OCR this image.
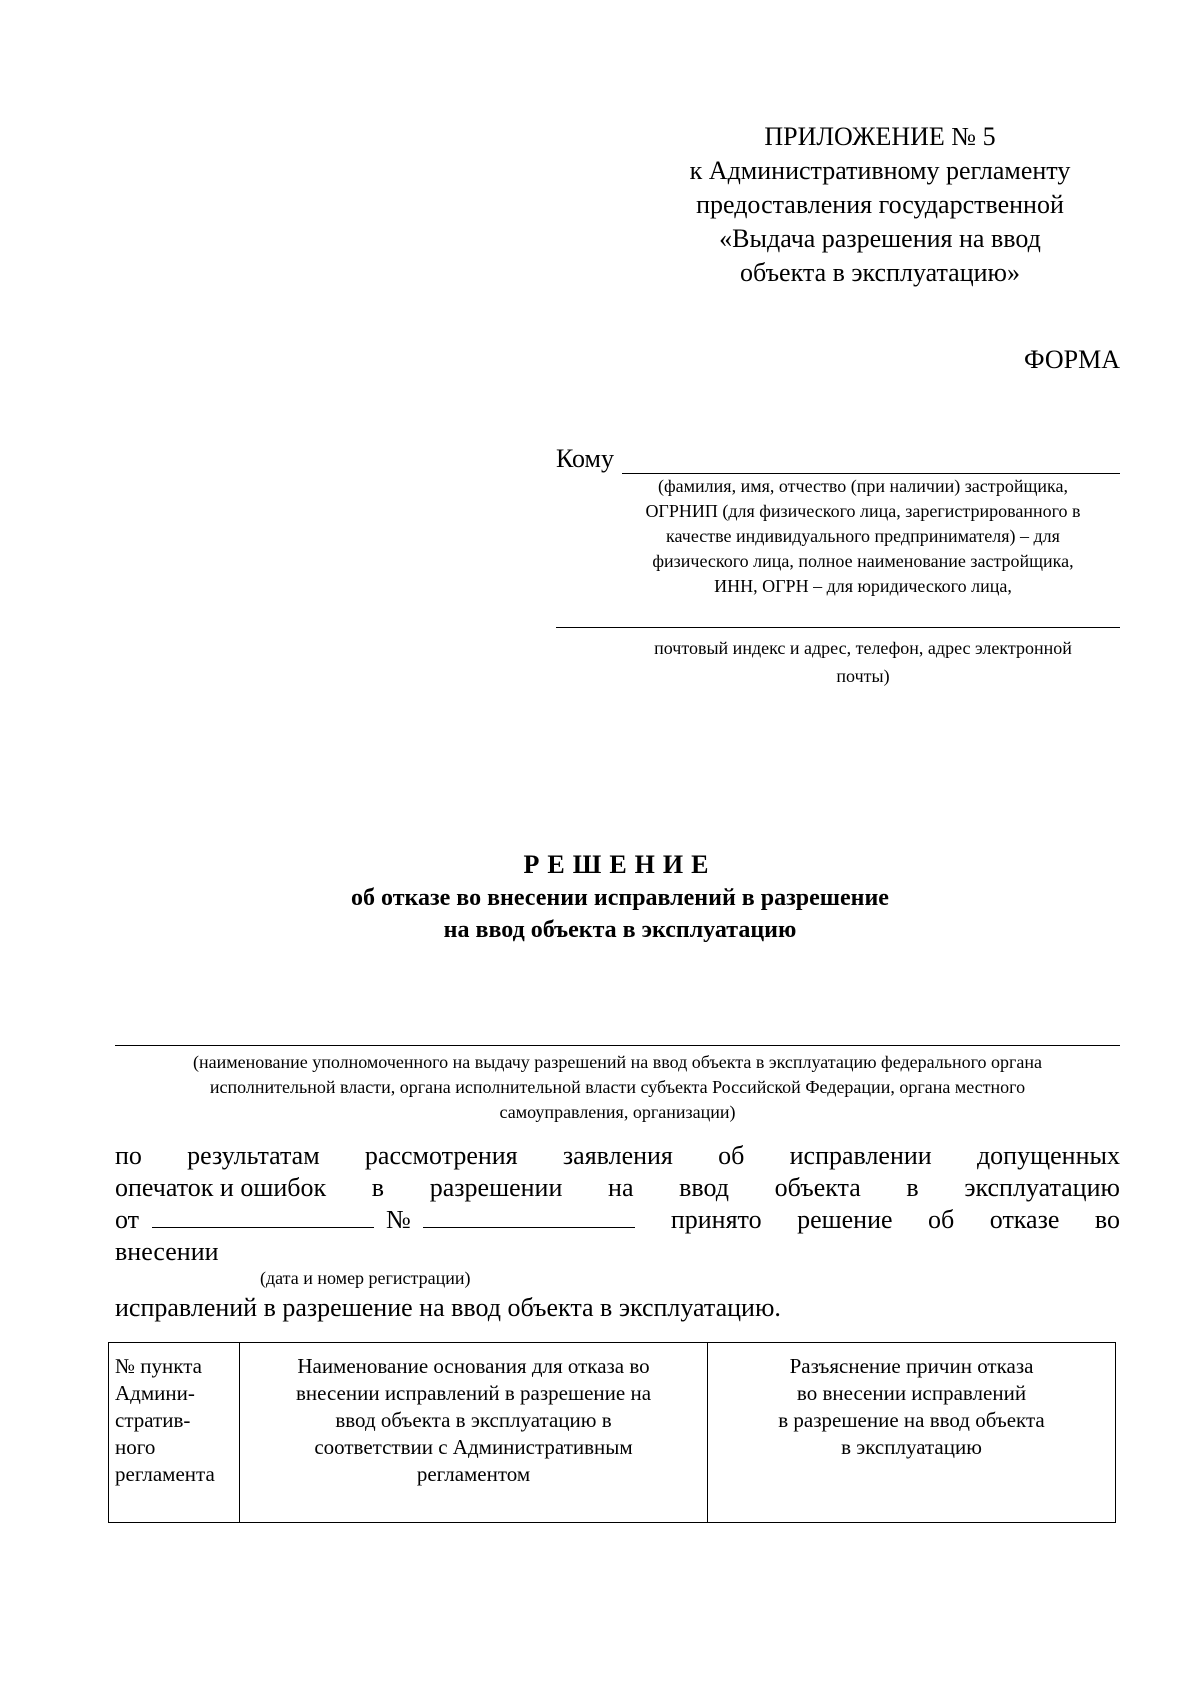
ПРИЛОЖЕНИЕ № 5
к Административному регламенту
предоставления государственной
«Выдача разрешения на ввод
объекта в эксплуатацию»
ФОРМА
Кому
(фамилия, имя, отчество (при наличии) застройщика,
ОГРНИП (для физического лица, зарегистрированного в
качестве индивидуального предпринимателя) – для
физического лица, полное наименование застройщика,
ИНН, ОГРН – для юридического лица,
почтовый индекс и адрес, телефон, адрес электронной
почты)
РЕШЕНИЕ
об отказе во внесении исправлений в разрешение
на ввод объекта в эксплуатацию
(наименование уполномоченного на выдачу разрешений на ввод объекта в эксплуатацию федерального органа
исполнительной власти, органа исполнительной власти субъекта Российской Федерации, органа местного
самоуправления, организации)
по результатам рассмотрения заявления об исправлении допущенных
опечаток и ошибок в разрешении на ввод объекта в эксплуатацию
от	№	принято решение об отказе во
внесении
(дата и номер регистрации)
исправлений в разрешение на ввод объекта в эксплуатацию.
№ пункта
Админи-
стратив-
ного
регламента

Наименование основания для отказа во
внесении исправлений в разрешение на
ввод объекта в эксплуатацию в
соответствии с Административным
регламентом

Разъяснение причин отказа
во внесении исправлений
в разрешение на ввод объекта
в эксплуатацию
